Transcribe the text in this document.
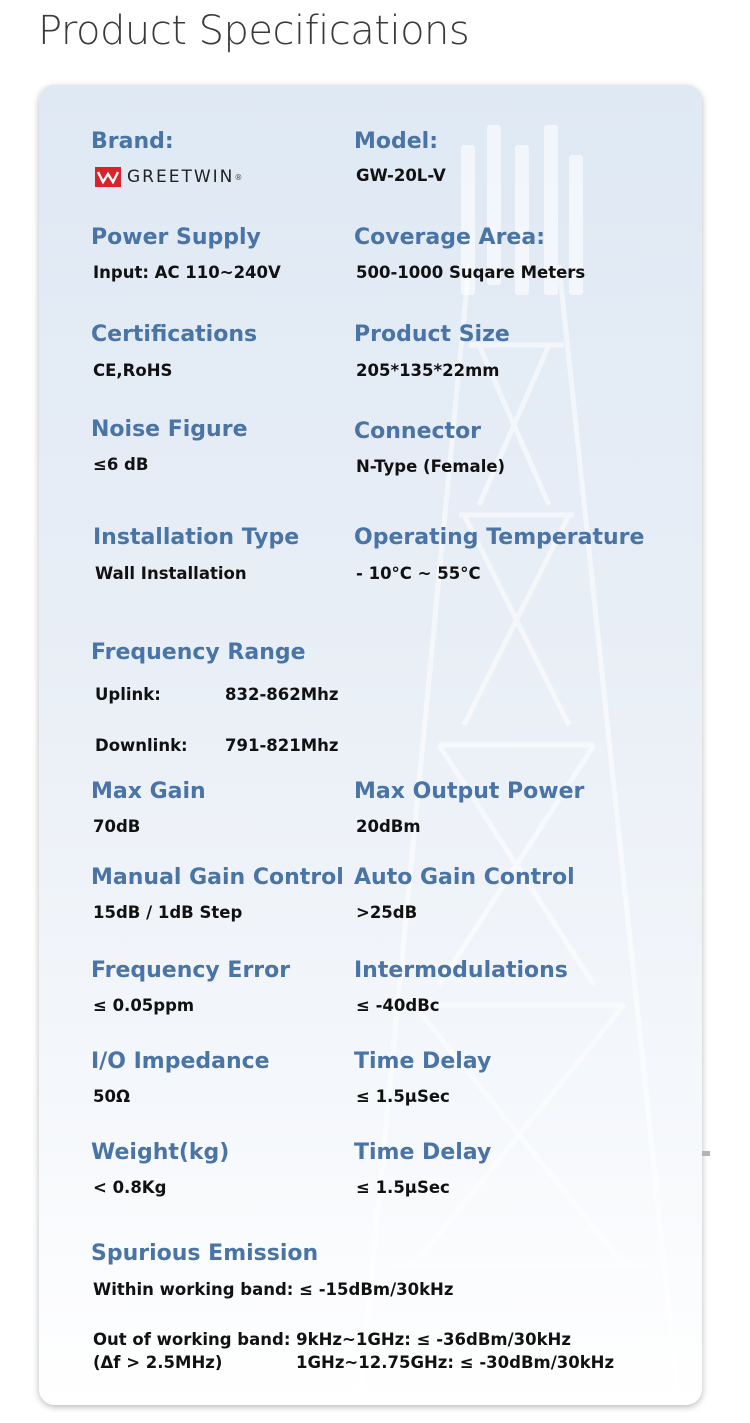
Product Specifications

Brand:

GREETWIN ®

Model:

GW-20L-V

Power Supply

Input: AC 110~240V

Coverage Area:

500-1000 Suqare Meters

Certifications

CE,RoHS

Product Size

205*135*22mm

Noise Figure

≤6 dB

Connector

N-Type (Female)

Installation Type

Wall Installation

Operating Temperature

- 10°C ~ 55°C

Frequency Range

Uplink:	832-862Mhz

Downlink: 791-821Mhz

Max Gain

70dB

Max Output Power

20dBm

Manual Gain Control

15dB / 1dB Step

Auto Gain Control

>25dB

Frequency Error

≤ 0.05ppm

Intermodulations

≤ -40dBc

I/O Impedance

50Ω

Time Delay

≤ 1.5μSec

Weight(kg)

< 0.8Kg

Time Delay

≤ 1.5μSec

Spurious Emission

Within working band: ≤ -15dBm/30kHz

Out of working band: 9kHz~1GHz: ≤ -36dBm/30kHz

(Δf > 2.5MHz)	1GHz~12.75GHz: ≤ -30dBm/30kHz
